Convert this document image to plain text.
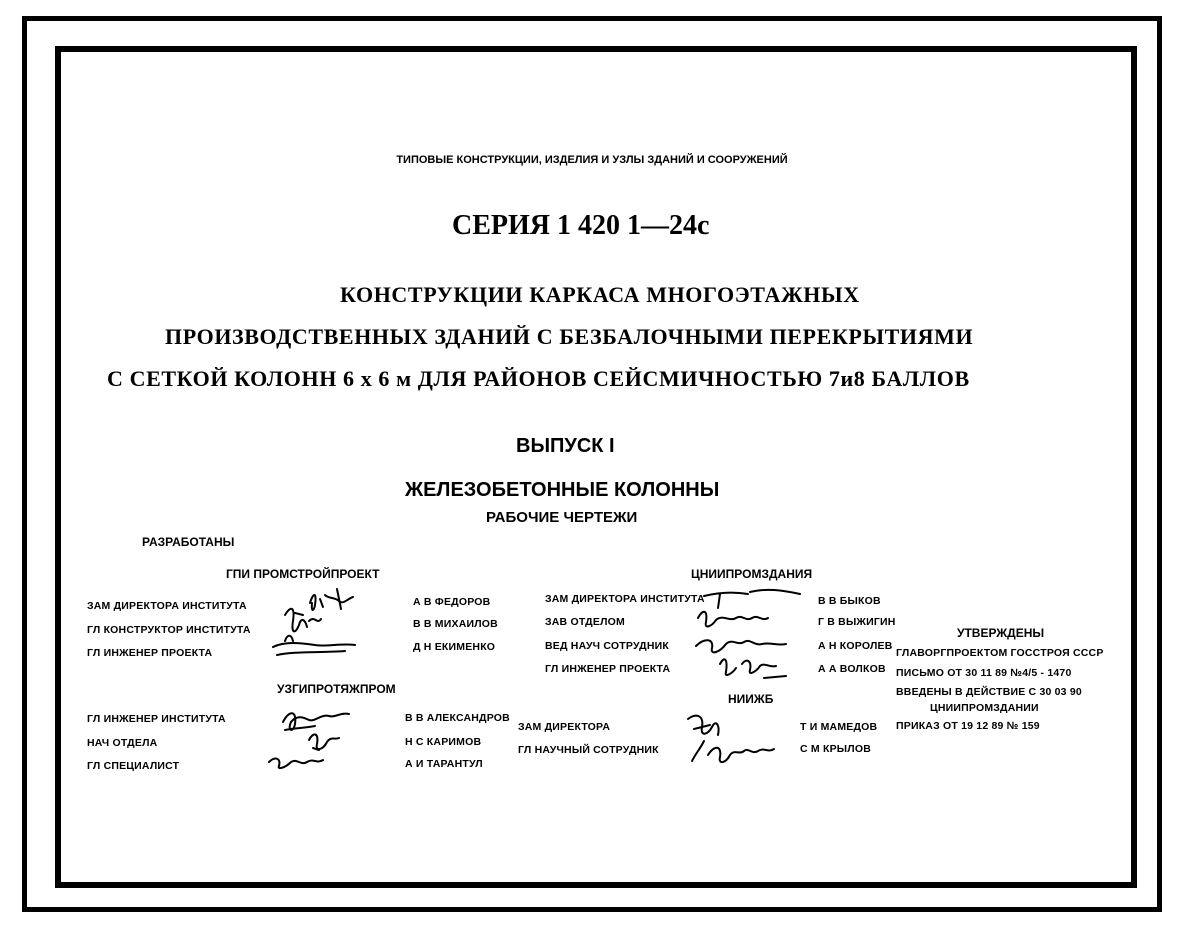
ТИПОВЫЕ КОНСТРУКЦИИ, ИЗДЕЛИЯ И УЗЛЫ ЗДАНИЙ И СООРУЖЕНИЙ
СЕРИЯ 1 420 1—24с
КОНСТРУКЦИИ КАРКАСА МНОГОЭТАЖНЫХ
ПРОИЗВОДСТВЕННЫХ ЗДАНИЙ С БЕЗБАЛОЧНЫМИ ПЕРЕКРЫТИЯМИ
С СЕТКОЙ КОЛОНН 6 х 6 м ДЛЯ РАЙОНОВ СЕЙСМИЧНОСТЬЮ 7и8 БАЛЛОВ
ВЫПУСК I
ЖЕЛЕЗОБЕТОННЫЕ КОЛОННЫ
РАБОЧИЕ ЧЕРТЕЖИ
РАЗРАБОТАНЫ
ГПИ ПРОМСТРОЙПРОЕКТ
ЗАМ ДИРЕКТОРА ИНСТИТУТА
ГЛ КОНСТРУКТОР ИНСТИТУТА
ГЛ ИНЖЕНЕР ПРОЕКТА
А В ФЕДОРОВ
В В МИХАИЛОВ
Д Н ЕКИМЕНКО
УЗГИПРОТЯЖПРОМ
ГЛ ИНЖЕНЕР ИНСТИТУТА
НАЧ ОТДЕЛА
ГЛ СПЕЦИАЛИСТ
В В АЛЕКСАНДРОВ
Н С КАРИМОВ
А И ТАРАНТУЛ
ЦНИИПРОМЗДАНИЯ
ЗАМ ДИРЕКТОРА ИНСТИТУТА
ЗАВ ОТДЕЛОМ
ВЕД НАУЧ СОТРУДНИК
ГЛ ИНЖЕНЕР ПРОЕКТА
В В БЫКОВ
Г В ВЫЖИГИН
А Н КОРОЛЕВ
А А ВОЛКОВ
НИИЖБ
ЗАМ ДИРЕКТОРА
ГЛ НАУЧНЫЙ СОТРУДНИК
Т И МАМЕДОВ
С М КРЫЛОВ
УТВЕРЖДЕНЫ
ГЛАВОРГПРОЕКТОМ ГОССТРОЯ СССР
ПИСЬМО ОТ 30 11 89 №4/5 - 1470
ВВЕДЕНЫ В ДЕЙСТВИЕ С 30 03 90
ЦНИИПРОМЗДАНИИ
ПРИКАЗ ОТ 19 12 89 № 159
